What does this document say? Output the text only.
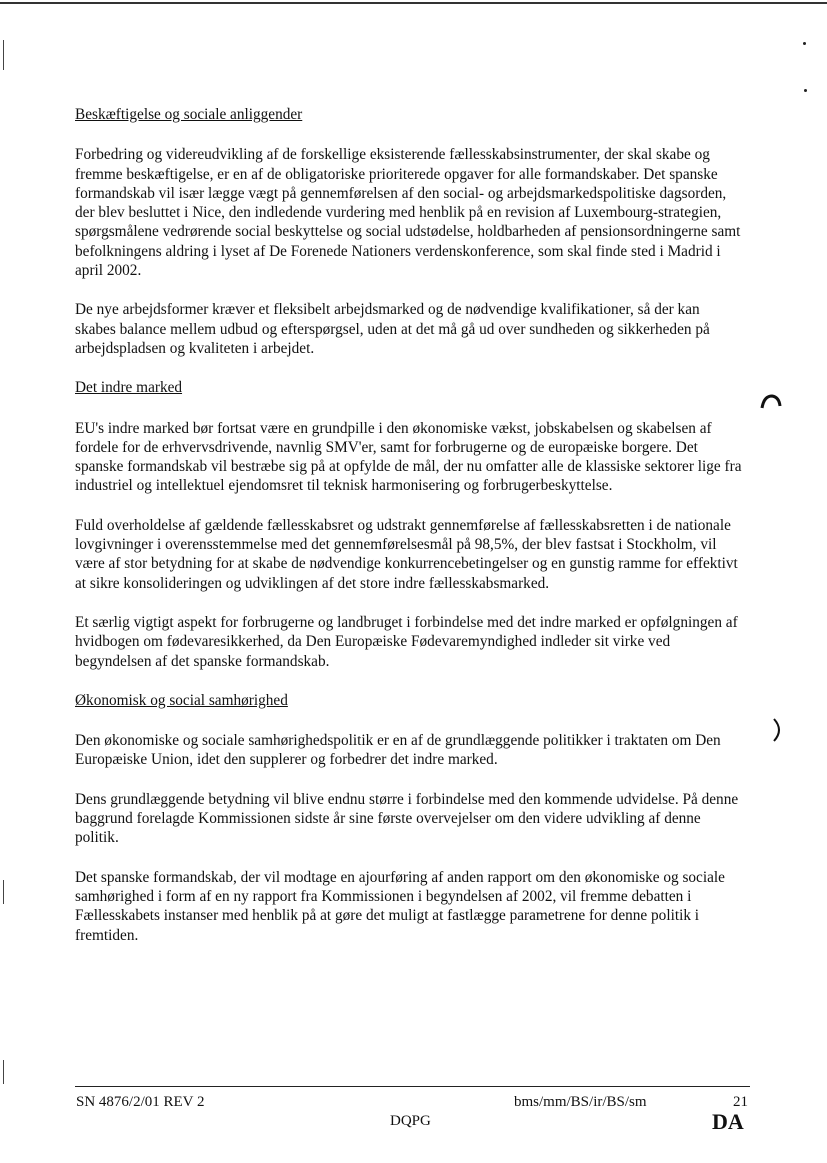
Beskæftigelse og sociale anliggender

Forbedring og videreudvikling af de forskellige eksisterende fællesskabsinstrumenter, der skal skabe og fremme beskæftigelse, er en af de obligatoriske prioriterede opgaver for alle formandskaber. Det spanske formandskab vil især lægge vægt på gennemførelsen af den social- og arbejdsmarkedspolitiske dagsorden, der blev besluttet i Nice, den indledende vurdering med henblik på en revision af Luxembourg-strategien, spørgsmålene vedrørende social beskyttelse og social udstødelse, holdbarheden af pensionsordningerne samt befolkningens aldring i lyset af De Forenede Nationers verdenskonference, som skal finde sted i Madrid i april 2002.

De nye arbejdsformer kræver et fleksibelt arbejdsmarked og de nødvendige kvalifikationer, så der kan skabes balance mellem udbud og efterspørgsel, uden at det må gå ud over sundheden og sikkerheden på arbejdspladsen og kvaliteten i arbejdet.

Det indre marked

EU's indre marked bør fortsat være en grundpille i den økonomiske vækst, jobskabelsen og skabelsen af fordele for de erhvervsdrivende, navnlig SMV'er, samt for forbrugerne og de europæiske borgere. Det spanske formandskab vil bestræbe sig på at opfylde de mål, der nu omfatter alle de klassiske sektorer lige fra industriel og intellektuel ejendomsret til teknisk harmonisering og forbrugerbeskyttelse.

Fuld overholdelse af gældende fællesskabsret og udstrakt gennemførelse af fællesskabsretten i de nationale lovgivninger i overensstemmelse med det gennemførelsesmål på 98,5%, der blev fastsat i Stockholm, vil være af stor betydning for at skabe de nødvendige konkurrencebetingelser og en gunstig ramme for effektivt at sikre konsolideringen og udviklingen af det store indre fællesskabsmarked.

Et særlig vigtigt aspekt for forbrugerne og landbruget i forbindelse med det indre marked er opfølgningen af hvidbogen om fødevaresikkerhed, da Den Europæiske Fødevaremyndighed indleder sit virke ved begyndelsen af det spanske formandskab.

Økonomisk og social samhørighed

Den økonomiske og sociale samhørighedspolitik er en af de grundlæggende politikker i traktaten om Den Europæiske Union, idet den supplerer og forbedrer det indre marked.

Dens grundlæggende betydning vil blive endnu større i forbindelse med den kommende udvidelse. På denne baggrund forelagde Kommissionen sidste år sine første overvejelser om den videre udvikling af denne politik.

Det spanske formandskab, der vil modtage en ajourføring af anden rapport om den økonomiske og sociale samhørighed i form af en ny rapport fra Kommissionen i begyndelsen af 2002, vil fremme debatten i Fællesskabets instanser med henblik på at gøre det muligt at fastlægge parametrene for denne politik i fremtiden.

SN 4876/2/01 REV 2	bms/mm/BS/ir/BS/sm	21
DQPG	DA
